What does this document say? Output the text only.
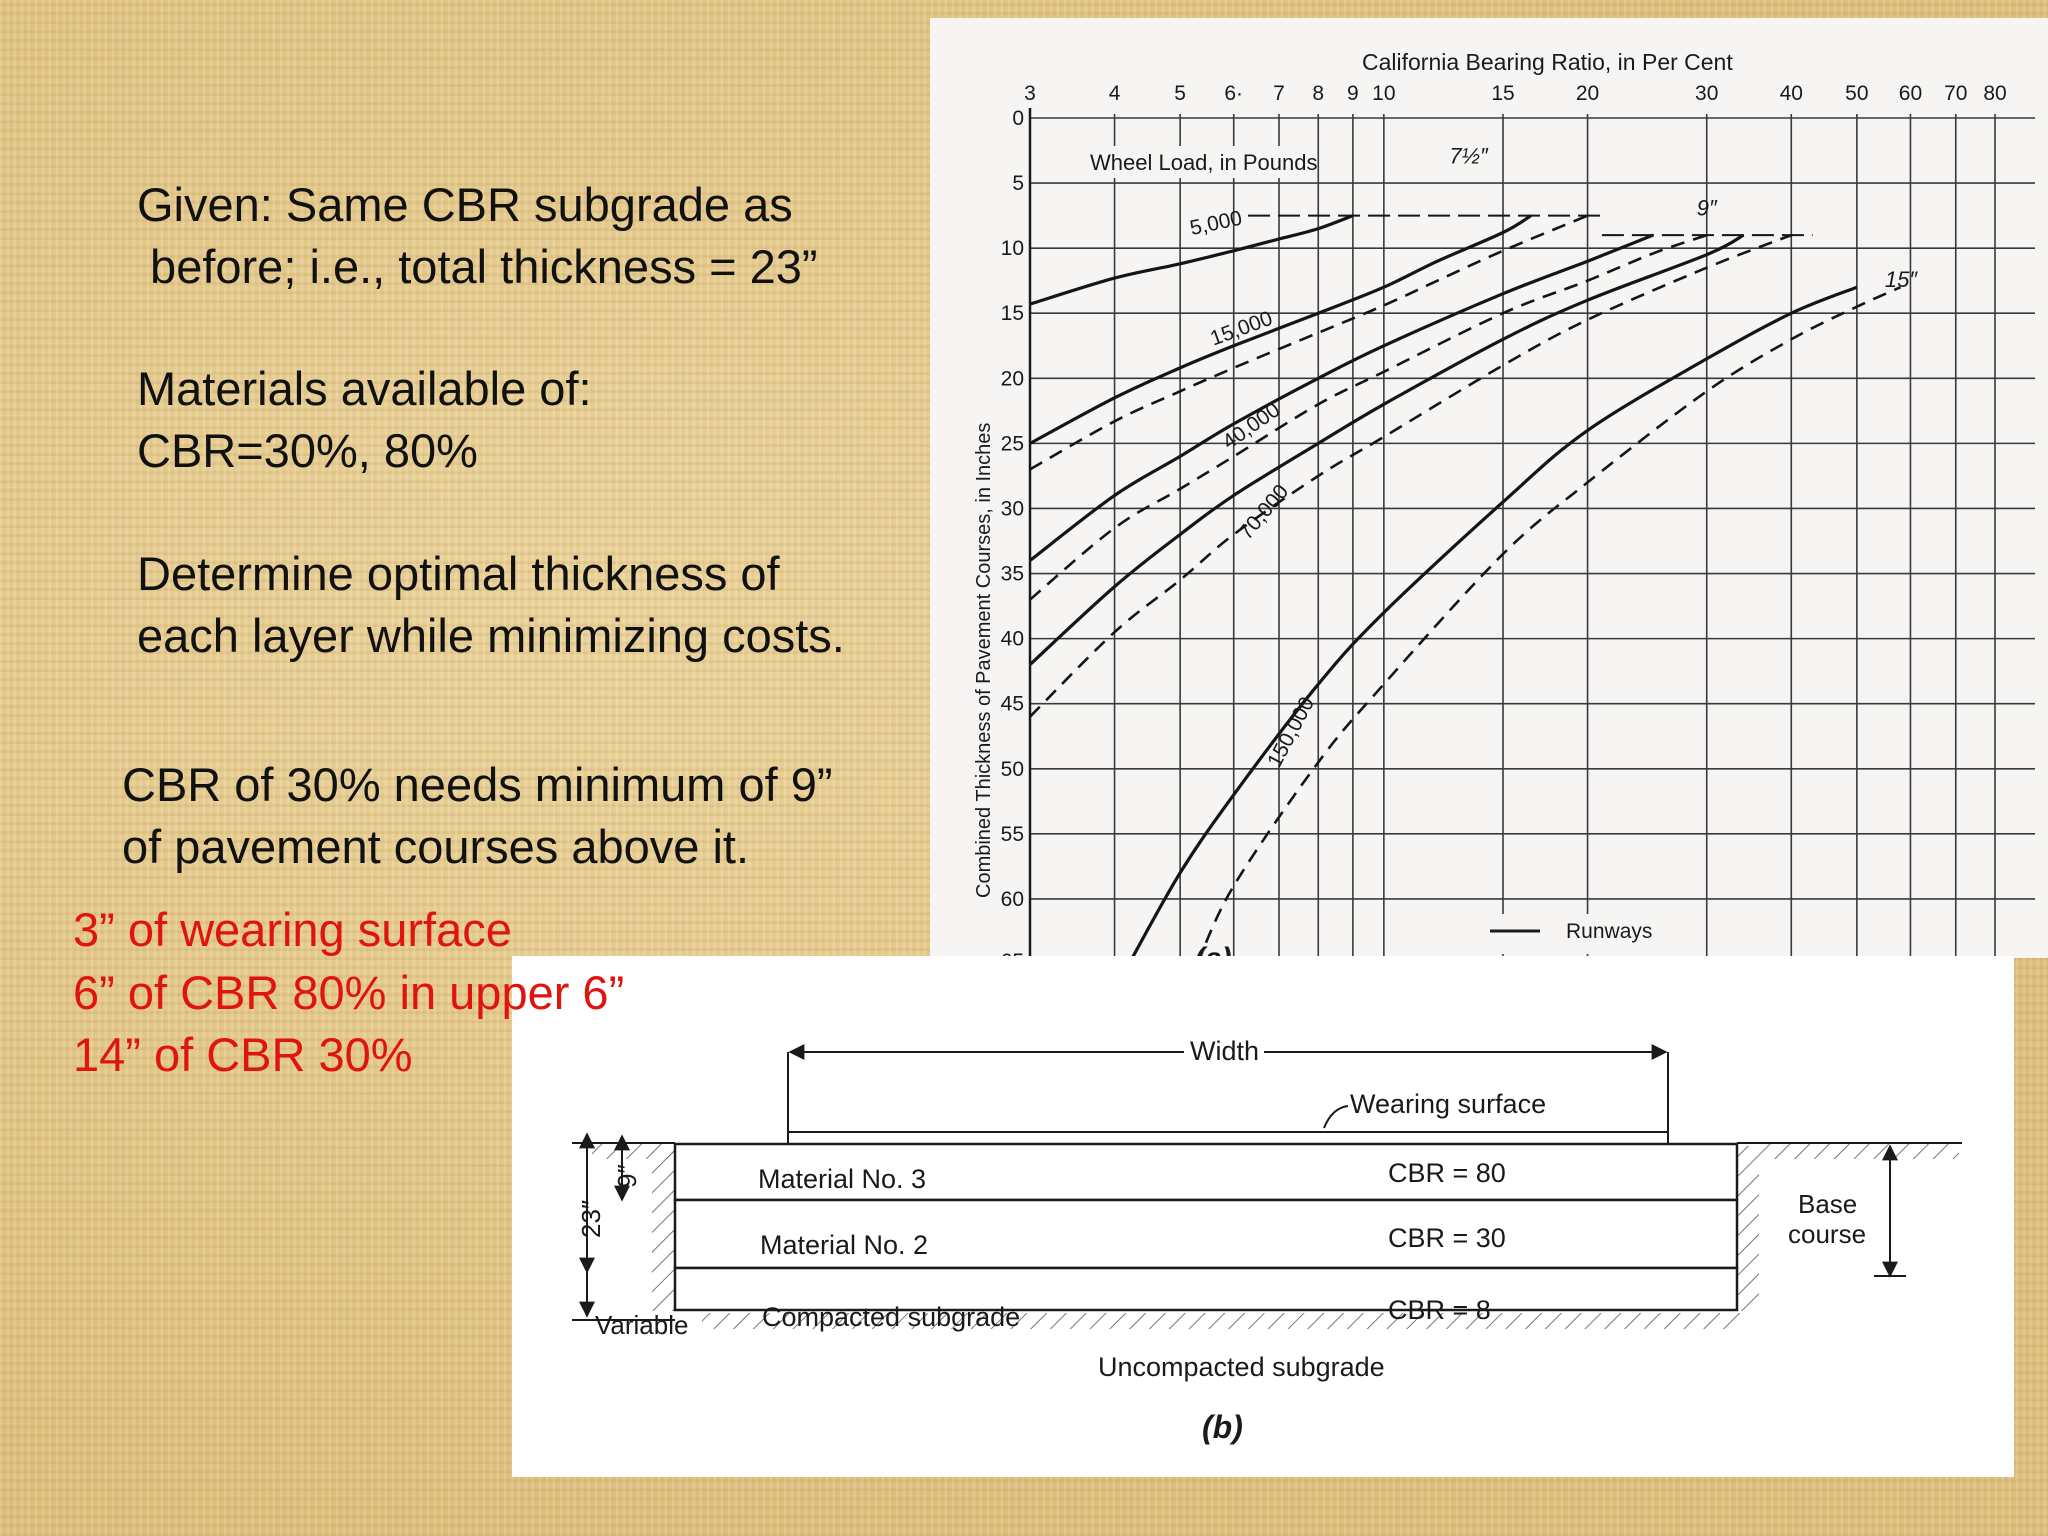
Given: Same CBR subgrade as

before; i.e., total thickness = 23”

Materials available of:

CBR=30%, 80%

Determine optimal thickness of

each layer while minimizing costs.

CBR of 30% needs minimum of 9”

of pavement courses above it.

3	4	5 6· 7 8 9 10	15	20	30	40 50 60 70 80
0
5
10
15
20
25
30
35
40
45
50
55
60
5,000
15,000
40,000
70,000
150,000
7½″
9″
15″
California Bearing Ratio, in Per Cent
Wheel Load, in Pounds
Combined Thickness of Pavement Courses, in Inches
Runways
Width
Wearing surface
Material No. 3	CBR = 80
Material No. 2	CBR = 30
Compacted subgrade	CBR = 8
23″
9″
Variable
Base
course
Uncompacted subgrade
(b)

3” of wearing surface

6” of CBR 80% in upper 6”

14” of CBR 30%
